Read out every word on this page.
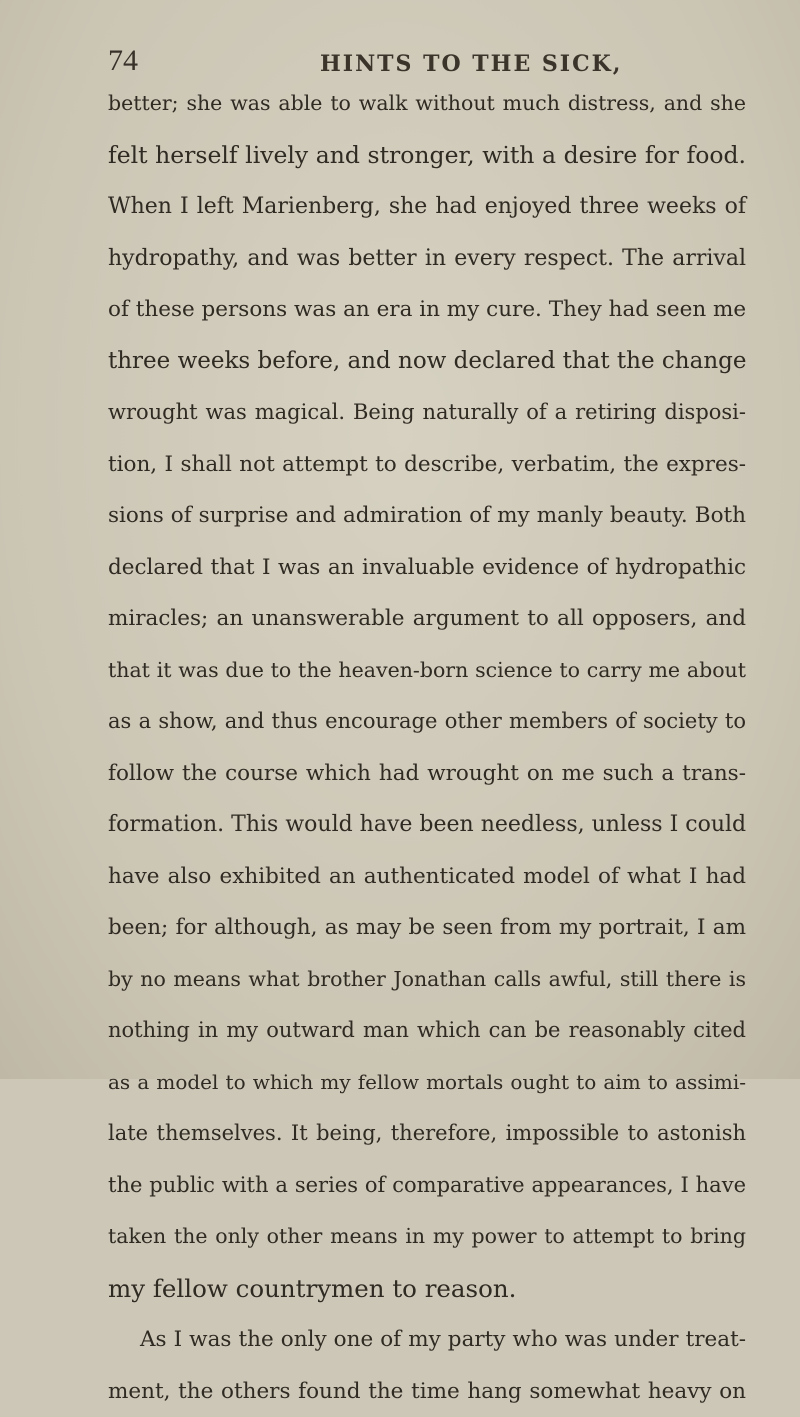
74	HINTS TO THE SICK,
better; she was able to walk without much distress, and she
felt herself lively and stronger, with a desire for food.
When I left Marienberg, she had enjoyed three weeks of
hydropathy, and was better in every respect. The arrival
of these persons was an era in my cure. They had seen me
three weeks before, and now declared that the change
wrought was magical. Being naturally of a retiring disposi-
tion, I shall not attempt to describe, verbatim, the expres-
sions of surprise and admiration of my manly beauty. Both
declared that I was an invaluable evidence of hydropathic
miracles; an unanswerable argument to all opposers, and
that it was due to the heaven-born science to carry me about
as a show, and thus encourage other members of society to
follow the course which had wrought on me such a trans-
formation. This would have been needless, unless I could
have also exhibited an authenticated model of what I had
been; for although, as may be seen from my portrait, I am
by no means what brother Jonathan calls awful, still there is
nothing in my outward man which can be reasonably cited
as a model to which my fellow mortals ought to aim to assimi-
late themselves. It being, therefore, impossible to astonish
the public with a series of comparative appearances, I have
taken the only other means in my power to attempt to bring
my fellow countrymen to reason.
As I was the only one of my party who was under treat-
ment, the others found the time hang somewhat heavy on
